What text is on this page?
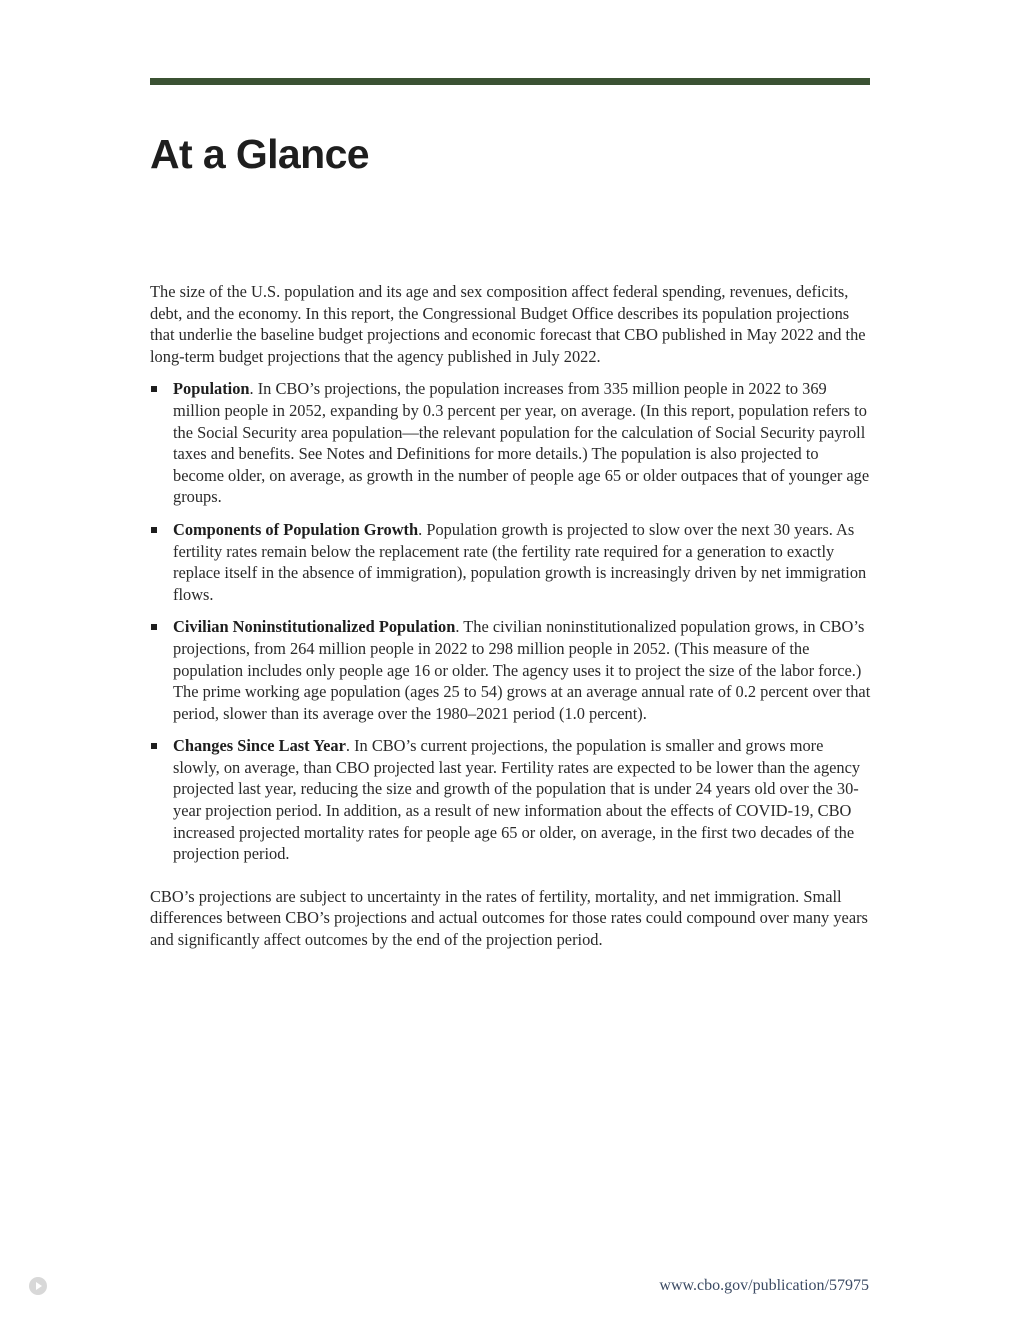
At a Glance

The size of the U.S. population and its age and sex composition affect federal spending, revenues, deficits, debt, and the economy. In this report, the Congressional Budget Office describes its population projections that underlie the baseline budget projections and economic forecast that CBO published in May 2022 and the long-term budget projections that the agency published in July 2022.

Population. In CBO’s projections, the population increases from 335 million people in 2022 to 369 million people in 2052, expanding by 0.3 percent per year, on average. (In this report, population refers to the Social Security area population—the relevant population for the calculation of Social Security payroll taxes and benefits. See Notes and Definitions for more details.) The population is also projected to become older, on average, as growth in the number of people age 65 or older outpaces that of younger age groups.
Components of Population Growth. Population growth is projected to slow over the next 30 years. As fertility rates remain below the replacement rate (the fertility rate required for a generation to exactly replace itself in the absence of immigration), population growth is increasingly driven by net immigration flows.
Civilian Noninstitutionalized Population. The civilian noninstitutionalized population grows, in CBO’s projections, from 264 million people in 2022 to 298 million people in 2052. (This measure of the population includes only people age 16 or older. The agency uses it to project the size of the labor force.) The prime working age population (ages 25 to 54) grows at an average annual rate of 0.2 percent over that period, slower than its average over the 1980–2021 period (1.0 percent).
Changes Since Last Year. In CBO’s current projections, the population is smaller and grows more slowly, on average, than CBO projected last year. Fertility rates are expected to be lower than the agency projected last year, reducing the size and growth of the population that is under 24 years old over the 30-year projection period. In addition, as a result of new information about the effects of COVID-19, CBO increased projected mortality rates for people age 65 or older, on average, in the first two decades of the projection period.

CBO’s projections are subject to uncertainty in the rates of fertility, mortality, and net immigration. Small differences between CBO’s projections and actual outcomes for those rates could compound over many years and significantly affect outcomes by the end of the projection period.

www.cbo.gov/publication/57975
